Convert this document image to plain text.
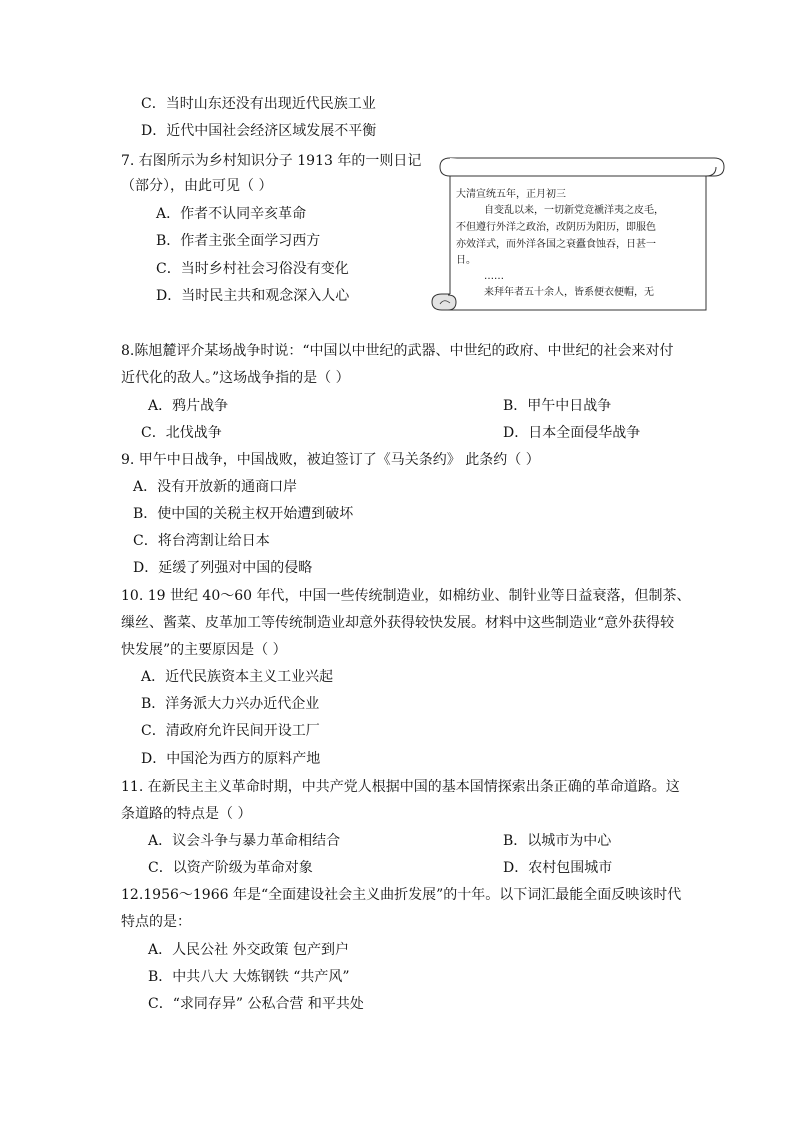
C．当时山东还没有出现近代民族工业
D．近代中国社会经济区域发展不平衡
7. 右图所示为乡村知识分子 1913 年的一则日记
（部分），由此可见（ ）
A．作者不认同辛亥革命
B．作者主张全面学习西方
C．当时乡村社会习俗没有变化
D．当时民主共和观念深入人心
大清宣统五年，正月初三
自变乱以来，一切新党竞褫洋夷之皮毛，
不但遵行外洋之政治，改阴历为阳历，即服色
亦效洋式，而外洋各国之衰蠹食蚀吞，日甚一
日。
……
来拜年者五十余人，皆系便衣便帽，无
8.陈旭麓评介某场战争时说：“中国以中世纪的武器、中世纪的政府、中世纪的社会来对付
近代化的敌人。”这场战争指的是（ ）
A．鸦片战争	B．甲午中日战争
C．北伐战争	D．日本全面侵华战争
9. 甲午中日战争，中国战败，被迫签订了《马关条约》 此条约（ ）
A．没有开放新的通商口岸
B．使中国的关税主权开始遭到破坏
C．将台湾割让给日本
D．延缓了列强对中国的侵略
10. 19 世纪 40～60 年代，中国一些传统制造业，如棉纺业、制针业等日益衰落，但制茶、
缫丝、酱菜、皮革加工等传统制造业却意外获得较快发展。材料中这些制造业“意外获得较
快发展”的主要原因是（ ）
A．近代民族资本主义工业兴起
B．洋务派大力兴办近代企业
C．清政府允许民间开设工厂
D．中国沦为西方的原料产地
11. 在新民主主义革命时期，中共产党人根据中国的基本国情探索出条正确的革命道路。这
条道路的特点是（ ）
A．议会斗争与暴力革命相结合	B．以城市为中心
C．以资产阶级为革命对象	D．农村包围城市
12.1956～1966 年是“全面建设社会主义曲折发展”的十年。以下词汇最能全面反映该时代
特点的是：
A．人民公社 外交政策 包产到户
B．中共八大 大炼钢铁 “共产风”
C．“求同存异” 公私合营 和平共处
